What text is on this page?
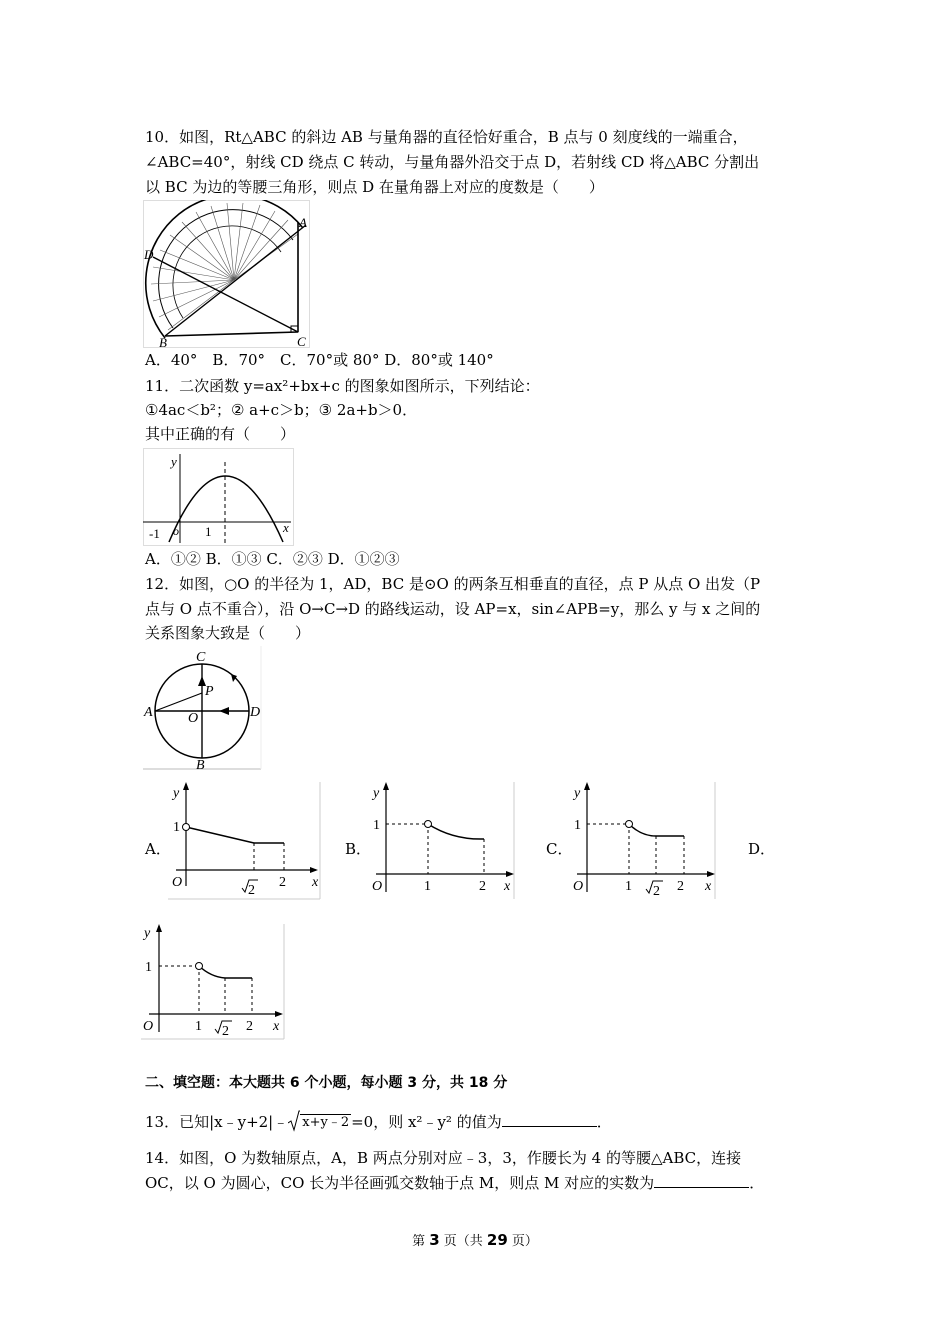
10．如图，Rt△ABC 的斜边 AB 与量角器的直径恰好重合，B 点与 0 刻度线的一端重合，
∠ABC=40°，射线 CD 绕点 C 转动，与量角器外沿交于点 D，若射线 CD 将△ABC 分割出
以 BC 为边的等腰三角形，则点 D 在量角器上对应的度数是（　　）
A
B	C
D
A．40°　B．70°　C．70°或 80° D．80°或 140°
11．二次函数 y=ax²+bx+c 的图象如图所示，下列结论：
①4ac＜b²；② a+c＞b；③ 2a+b＞0．
其中正确的有（　　）
y
x
o
-1	1
A．①② B．①③ C．②③ D．①②③
12．如图，○O 的半径为 1，AD，BC 是⊙O 的两条互相垂直的直径，点 P 从点 O 出发（P
点与 O 点不重合），沿 O→C→D 的路线运动，设 AP=x，sin∠APB=y，那么 y 与 x 之间的
关系图象大致是（　　）
C
A	D
B
O
P
A．	B．	C．	D．
y
x
O
1
2
2
y
x
O
1
1	2
y
x
O
1
1 2 2
y
x
O
1
1 2 2
二、填空题：本大题共 6 个小题，每小题 3 分，共 18 分
13．已知|x﹣y+2|﹣ x+y﹣2 =0，则 x²﹣y² 的值为	．
14．如图，O 为数轴原点，A，B 两点分别对应﹣3，3，作腰长为 4 的等腰△ABC，连接
OC，以 O 为圆心，CO 长为半径画弧交数轴于点 M，则点 M 对应的实数为	．
第 3 页（共 29 页）
